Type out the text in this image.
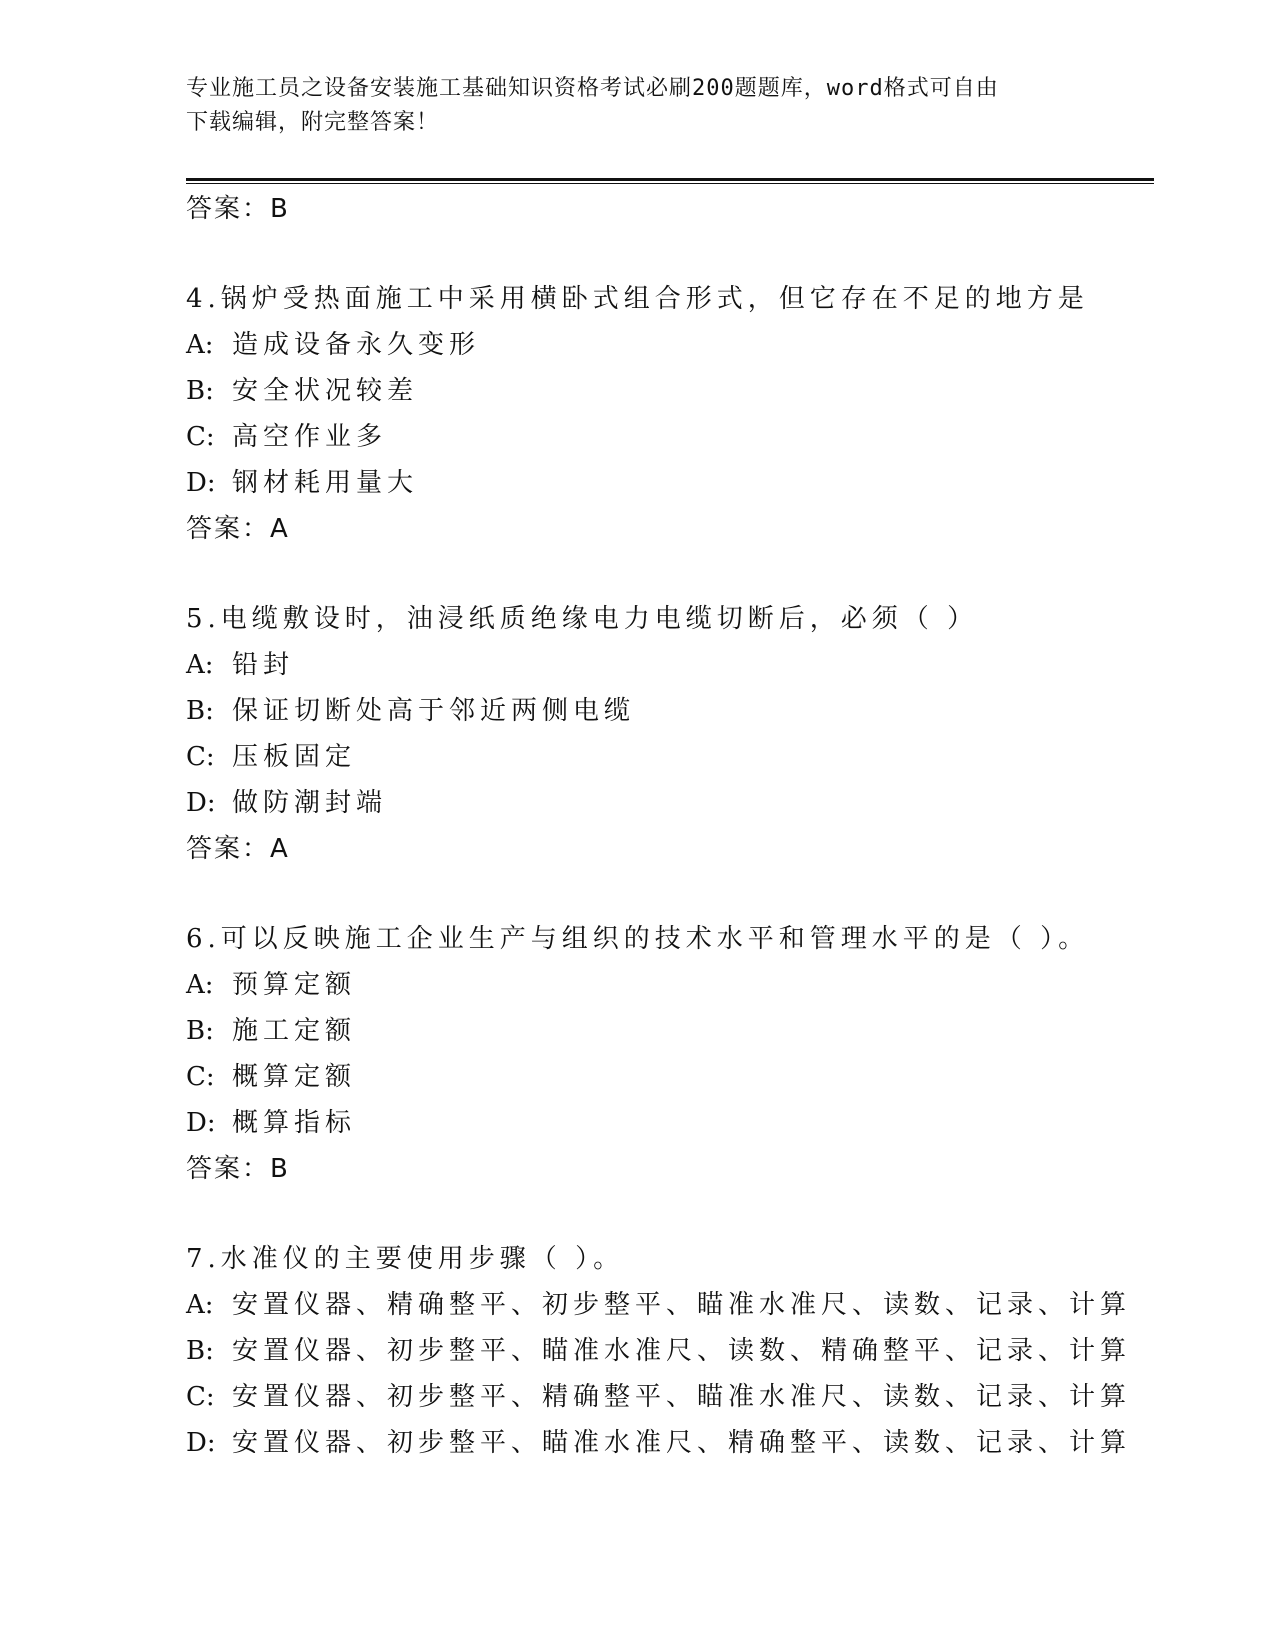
专业施工员之设备安装施工基础知识资格考试必刷200题题库，word格式可自由
下载编辑，附完整答案！
答案：B
4.锅炉受热面施工中采用横卧式组合形式，但它存在不足的地方是
A: 造成设备永久变形
B: 安全状况较差
C: 高空作业多
D: 钢材耗用量大
答案：A
5.电缆敷设时，油浸纸质绝缘电力电缆切断后，必须（ ）
A: 铅封
B: 保证切断处高于邻近两侧电缆
C: 压板固定
D: 做防潮封端
答案：A
6.可以反映施工企业生产与组织的技术水平和管理水平的是（ ）。
A: 预算定额
B: 施工定额
C: 概算定额
D: 概算指标
答案：B
7.水准仪的主要使用步骤（ ）。
A: 安置仪器、精确整平、初步整平、瞄准水准尺、读数、记录、计算
B: 安置仪器、初步整平、瞄准水准尺、读数、精确整平、记录、计算
C: 安置仪器、初步整平、精确整平、瞄准水准尺、读数、记录、计算
D: 安置仪器、初步整平、瞄准水准尺、精确整平、读数、记录、计算
